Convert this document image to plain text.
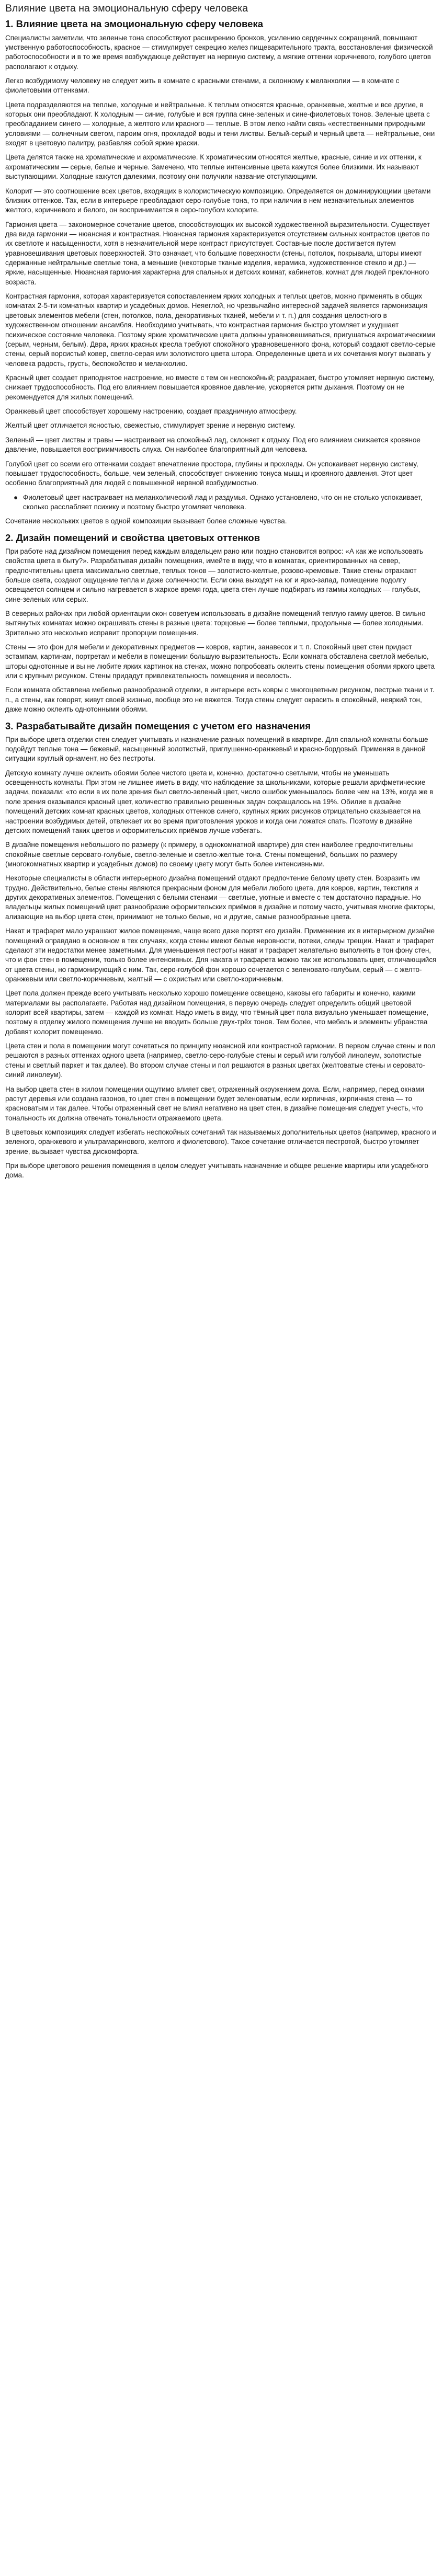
Влияние цвета на эмоциональную сферу человека
1. Влияние цвета на эмоциональную сферу человека

Специалисты заметили, что зеленые тона способствуют расширению бронхов, усилению сердечных сокращений, повышают умственную работоспособность, красное — стимулирует секрецию желез пищеварительного тракта, восстановления физической работоспособности и в то же время возбуждающе действует на нервную систему, а мягкие оттенки коричневого, голубого цветов располагают к отдыху.

Легко возбудимому человеку не следует жить в комнате с красными стенами, а склонному к меланхолии — в комнате с фиолетовыми оттенками.

Цвета подразделяются на теплые, холодные и нейтральные. К теплым относятся красные, оранжевые, желтые и все другие, в которых они преобладают. К холодным — синие, голубые и вся группа сине-зеленых и сине-фиолетовых тонов. Зеленые цвета с преобладанием синего — холодные, а желтого или красного — теплые. В этом легко найти связь «естественными природными условиями — солнечным светом, пароим огня, прохладой воды и тени листвы. Белый-серый и черный цвета — нейтральные, они входят в цветовую палитру, разбавляя собой яркие краски.

Цвета делятся также на хроматические и ахроматические. К хроматическим относятся желтые, красные, синие и их оттенки, к ахроматическим — серые, белые и черные. Замечено, что теплые интенсивные цвета кажутся более близкими. Их называют выступающими. Холодные кажутся далекими, поэтому они получили название отступающими.

Колорит — это соотношение всех цветов, входящих в колористическую композицию. Определяется он доминирующими цветами близких оттенков. Так, если в интерьере преобладают серо-голубые тона, то при наличии в нем незначительных элементов желтого, коричневого и белого, он воспринимается в серо-голубом колорите.

Гармония цвета — закономерное сочетание цветов, способствующих их высокой художественной выразительности. Существует два вида гармонии — нюансная и контрастная. Нюансная гармония характеризуется отсутствием сильных контрастов цветов по их светлоте и насыщенности, хотя в незначительной мере контраст присутствует. Составные после достигается путем уравновешивания цветовых поверхностей. Это означает, что большие поверхности (стены, потолок, покрывала, шторы имеют сдержанные нейтральные светлые тона, а меньшие (некоторые тканые изделия, керамика, художественное стекло и др.) — яркие, насыщенные. Нюансная гармония характерна для спальных и детских комнат, кабинетов, комнат для людей преклонного возраста.

Контрастная гармония, которая характеризуется сопоставлением ярких холодных и теплых цветов, можно применять в общих комнатах 2-5-ти комнатных квартир и усадебных домов. Неяеглой, но чрезвычайно интересной задачей является гармонизация цветовых элементов мебели (стен, потолков, пола, декоративных тканей, мебели и т. п.) для создания целостного в художественном отношении ансамбля. Необходимо учитывать, что контрастная гармония быстро утомляет и ухудшает психическое состояние человека. Поэтому яркие хроматические цвета должны уравновешиваться, пригушаться ахроматическими (серым, черным, белым). Двра, ярких красных кресла требуют спокойного уравновешенного фона, который создают светло-серые стены, серый ворсистый ковер, светло-серая или золотистого цвета штора. Определенные цвета и их сочетания могут вызвать у человека радость, грусть, беспокойство и меланхолию.

Красный цвет создает приподнятое настроение, но вместе с тем он неспокойный; раздражает, быстро утомляет нервную систему, снижает трудоспособность. Под его влиянием повышается кровяное давление, ускоряется ритм дыхания. Поэтому он не рекомендуется для жилых помещений.

Оранжевый цвет способствует хорошему настроению, создает праздничную атмосферу.

Желтый цвет отличается ясностью, свежестью, стимулирует зрение и нервную систему.

Зеленый — цвет листвы и травы — настраивает на спокойный лад, склоняет к отдыху. Под его влиянием снижается кровяное давление, повышается восприимчивость слуха. Он наиболее благоприятный для человека.

Голубой цвет со всеми его оттенками создает впечатление простора, глубины и прохлады. Он успокаивает нервную систему, повышает трудоспособность, больше, чем зеленый, способствует снижению тонуса мышц и кровяного давления. Этот цвет особенно благоприятный для людей с повышенной нервной возбудимостью.

● Фиолетовый цвет настраивает на меланхолический лад и раздумья. Однако установлено, что он не столько успокаивает, сколько расслабляет психику и поэтому быстро утомляет человека.

Сочетание нескольких цветов в одной композиции вызывает более сложные чувства.

2. Дизайн помещений и свойства цветовых оттенков

При работе над дизайном помещения перед каждым владельцем рано или поздно становится вопрос: «А как же использовать свойства цвета в быту?». Разрабатывая дизайн помещения, имейте в виду, что в комнатах, ориентированных на север, предпочтительны цвета максимально светлые, теплых тонов — золотисто-желтые, розово-кремовые. Такие стены отражают больше света, создают ощущение тепла и даже солнечности. Если окна выходят на юг и ярко-запад, помещение подолгу освещается солнцем и сильно нагревается в жаркое время года, цвета стен лучше подбирать из гаммы холодных — голубых, сине-зеленых или серых.

В северных районах при любой ориентации окон советуем использовать в дизайне помещений теплую гамму цветов. В сильно вытянутых комнатах можно окрашивать стены в разные цвета: торцовые — более теплыми, продольные — более холодными. Зрительно это несколько исправит пропорции помещения.

Стены — это фон для мебели и декоративных предметов — ковров, картин, занавесок и т. п. Спокойный цвет стен придаст эстампам, картинам, портретам и мебели в помещении большую выразительность. Если комната обставлена светлой мебелью, шторы однотонные и вы не любите ярких картинок на стенах, можно попробовать оклеить стены помещения обоями яркого цвета или с крупным рисунком. Стены придадут привлекательность помещения и веселость.

Если комната обставлена мебелью разнообразной отделки, в интерьере есть ковры с многоцветным рисунком, пестрые ткани и т. п., а стены, как говорят, живут своей жизнью, вообще это не вяжется. Тогда стены следует окрасить в спокойный, неяркий тон, даже можно оклеить однотонными обоями.

3. Разрабатывайте дизайн помещения с учетом его назначения

При выборе цвета отделки стен следует учитывать и назначение разных помещений в квартире. Для спальной комнаты больше подойдут теплые тона — бежевый, насыщенный золотистый, приглушенно-оранжевый и красно-бордовый. Применяя в данной ситуации круглый орнамент, но без пестроты.

Детскую комнату лучше оклеить обоями более чистого цвета и, конечно, достаточно светлыми, чтобы не уменьшать освещенность комнаты. При этом не лишнее иметь в виду, что наблюдение за школьниками, которые решали арифметические задачи, показали: «то если в их поле зрения был светло-зеленый цвет, число ошибок уменьшалось более чем на 13%, когда же в поле зрения оказывался красный цвет, количество правильно решенных задач сокращалось на 19%. Обилие в дизайне помещений детских комнат красных цветов, холодных оттенков синего, крупных ярких рисунков отрицательно сказывается на настроении возбудимых детей, отвлекает их во время приготовления уроков и когда они ложатся спать. Поэтому в дизайне детских помещений таких цветов и оформительских приёмов лучше избегать.

В дизайне помещения небольшого по размеру (к примеру, в однокомнатной квартире) для стен наиболее предпочтительны спокойные светлые серовато-голубые, светло-зеленые и светло-желтые тона. Стены помещений, больших по размеру (многокомнатных квартир и усадебных домов) по своему цвету могут быть более интенсивными.

Некоторые специалисты в области интерьерного дизайна помещений отдают предпочтение белому цвету стен. Возразить им трудно. Действительно, белые стены являются прекрасным фоном для мебели любого цвета, для ковров, картин, текстиля и других декоративных элементов. Помещения с белыми стенами — светлые, уютные и вместе с тем достаточно парадные. Но владельцы жилых помещений цвет разнообразие оформительских приёмов в дизайне и потому часто, учитывая многие факторы, ализающие на выбор цвета стен, принимают не только белые, но и другие, самые разнообразные цвета.

Накат и трафарет мало украшают жилое помещение, чаще всего даже портят его дизайн. Применение их в интерьерном дизайне помещений оправдано в основном в тех случаях, когда стены имеют белые неровности, потеки, следы трещин. Накат и трафарет сделают эти недостатки менее заметными. Для уменьшения пестроты накат и трафарет желательно выполнять в тон фону стен, что и фон стен в помещении, только более интенсивных. Для наката и трафарета можно так же использовать цвет, отличающийся от цвета стены, но гармонирующий с ним. Так, серо-голубой фон хорошо сочетается с зеленовато-голубым, серый — с желто-оранжевым или светло-коричневым, желтый — с охристым или светло-коричневым.

Цвет пола должен прежде всего учитывать несколько хорошо помещение освещено, каковы его габариты и конечно, какими материалами вы располагаете. Работая над дизайном помещения, в первую очередь следует определить общий цветовой колорит всей квартиры, затем — каждой из комнат. Надо иметь в виду, что тёмный цвет пола визуально уменьшает помещение, поэтому в отделку жилого помещения лучше не вводить больше двух-трёх тонов. Тем более, что мебель и элементы убранства добавят колорит помещению.

Цвета стен и пола в помещении могут сочетаться по принципу нюансной или контрастной гармонии. В первом случае стены и пол решаются в разных оттенках одного цвета (например, светло-серо-голубые стены и серый или голубой линолеум, золотистые стены и светлый паркет и так далее). Во втором случае стены и пол решаются в разных цветах (желтоватые стены и серовато-синий линолеум).

На выбор цвета стен в жилом помещении ощутимо влияет свет, отраженный окружением дома. Если, например, перед окнами растут деревья или создана газонов, то цвет стен в помещении будет зеленоватым, если кирпичная, кирпичная стена — то красноватым и так далее. Чтобы отраженный свет не влиял негативно на цвет стен, в дизайне помещения следует учесть, что тональность их должна отвечать тональности отражаемого цвета.

В цветовых композициях следует избегать неспокойных сочетаний так называемых дополнительных цветов (например, красного и зеленого, оранжевого и ультрамаринового, желтого и фиолетового). Такое сочетание отличается пестротой, быстро утомляет зрение, вызывает чувства дискомфорта.

При выборе цветового решения помещения в целом следует учитывать назначение и общее решение квартиры или усадебного дома.
